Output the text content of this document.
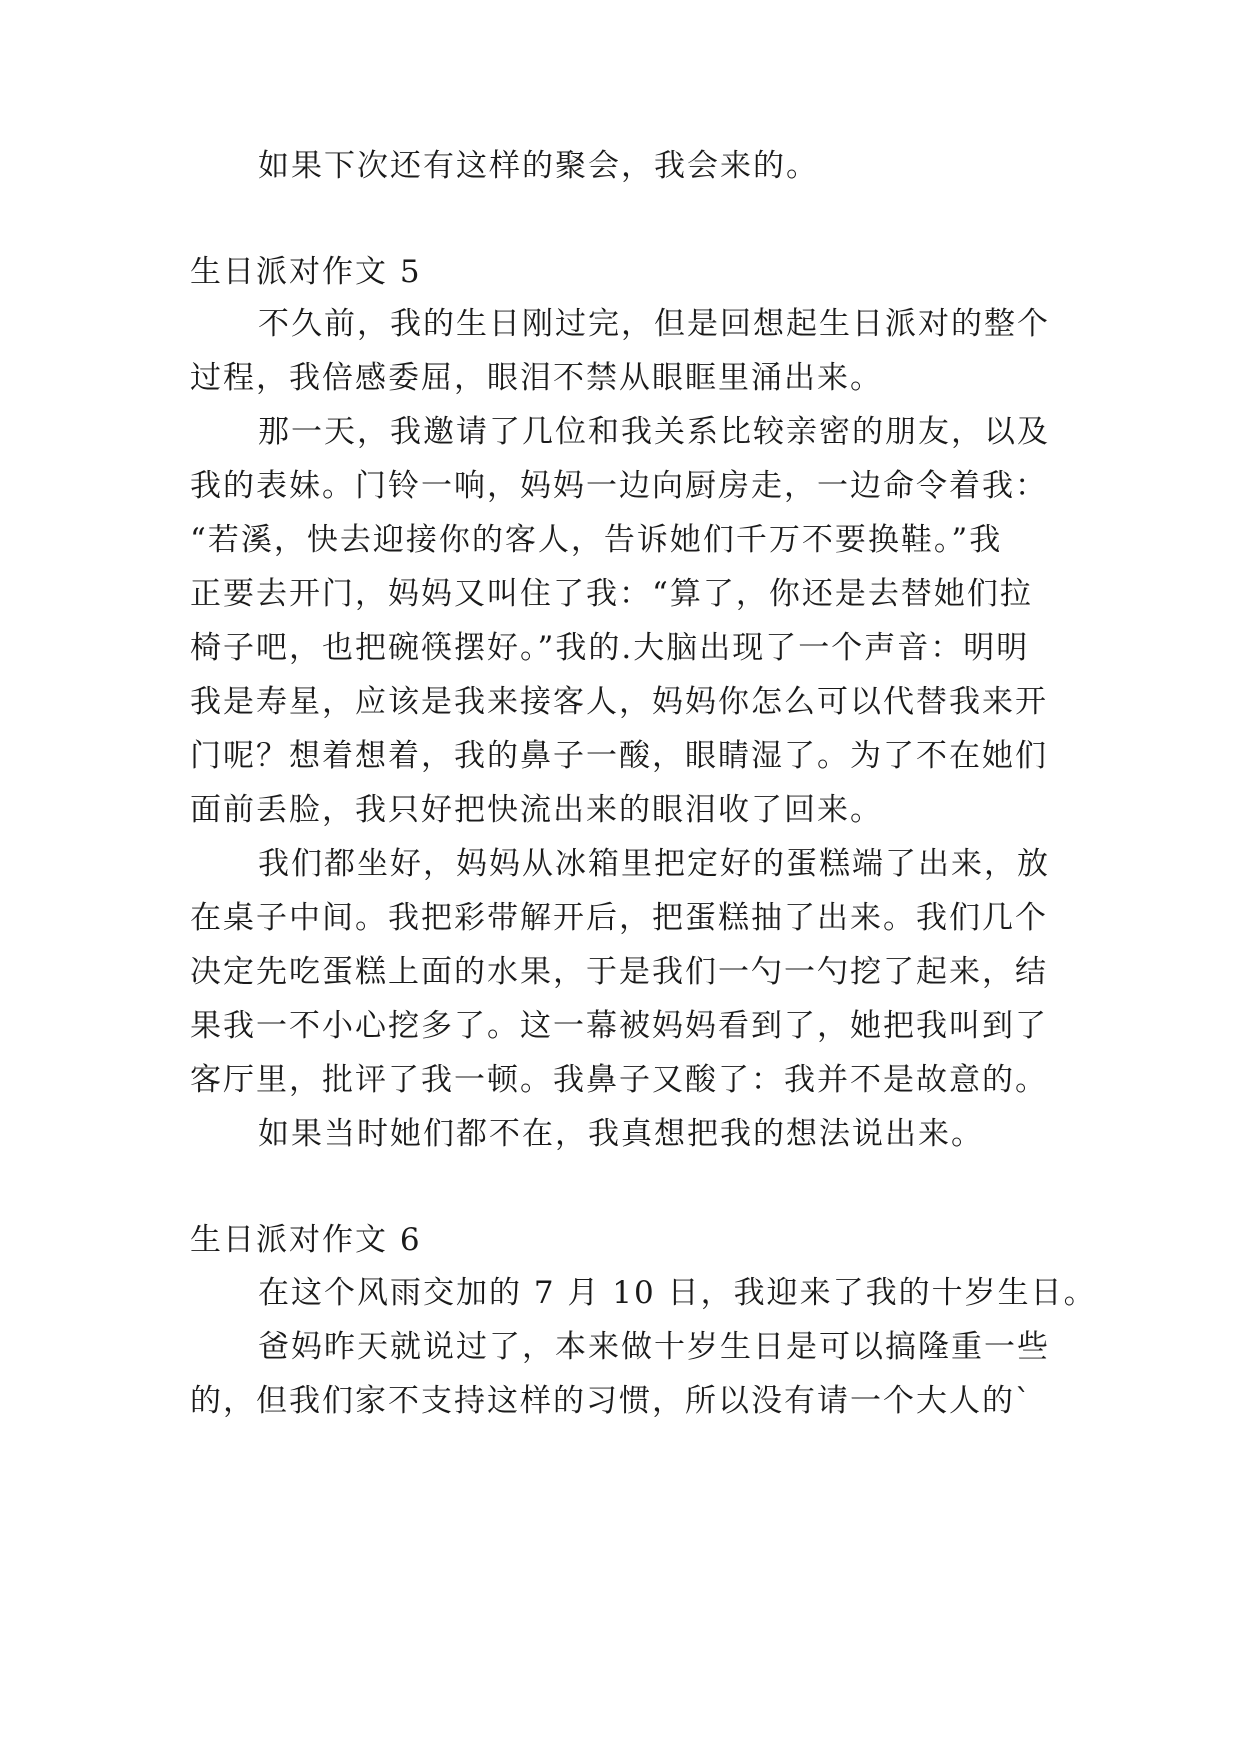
如果下次还有这样的聚会，我会来的。
生日派对作文 5
不久前，我的生日刚过完，但是回想起生日派对的整个
过程，我倍感委屈，眼泪不禁从眼眶里涌出来。
那一天，我邀请了几位和我关系比较亲密的朋友，以及
我的表妹。门铃一响，妈妈一边向厨房走，一边命令着我：
“若溪，快去迎接你的客人，告诉她们千万不要换鞋。”我
正要去开门，妈妈又叫住了我：“算了，你还是去替她们拉
椅子吧，也把碗筷摆好。”我的.大脑出现了一个声音：明明
我是寿星，应该是我来接客人，妈妈你怎么可以代替我来开
门呢？想着想着，我的鼻子一酸，眼睛湿了。为了不在她们
面前丢脸，我只好把快流出来的眼泪收了回来。
我们都坐好，妈妈从冰箱里把定好的蛋糕端了出来，放
在桌子中间。我把彩带解开后，把蛋糕抽了出来。我们几个
决定先吃蛋糕上面的水果，于是我们一勺一勺挖了起来，结
果我一不小心挖多了。这一幕被妈妈看到了，她把我叫到了
客厅里，批评了我一顿。我鼻子又酸了：我并不是故意的。
如果当时她们都不在，我真想把我的想法说出来。
生日派对作文 6
在这个风雨交加的 7 月 10 日，我迎来了我的十岁生日。
爸妈昨天就说过了，本来做十岁生日是可以搞隆重一些
的，但我们家不支持这样的习惯，所以没有请一个大人的`
